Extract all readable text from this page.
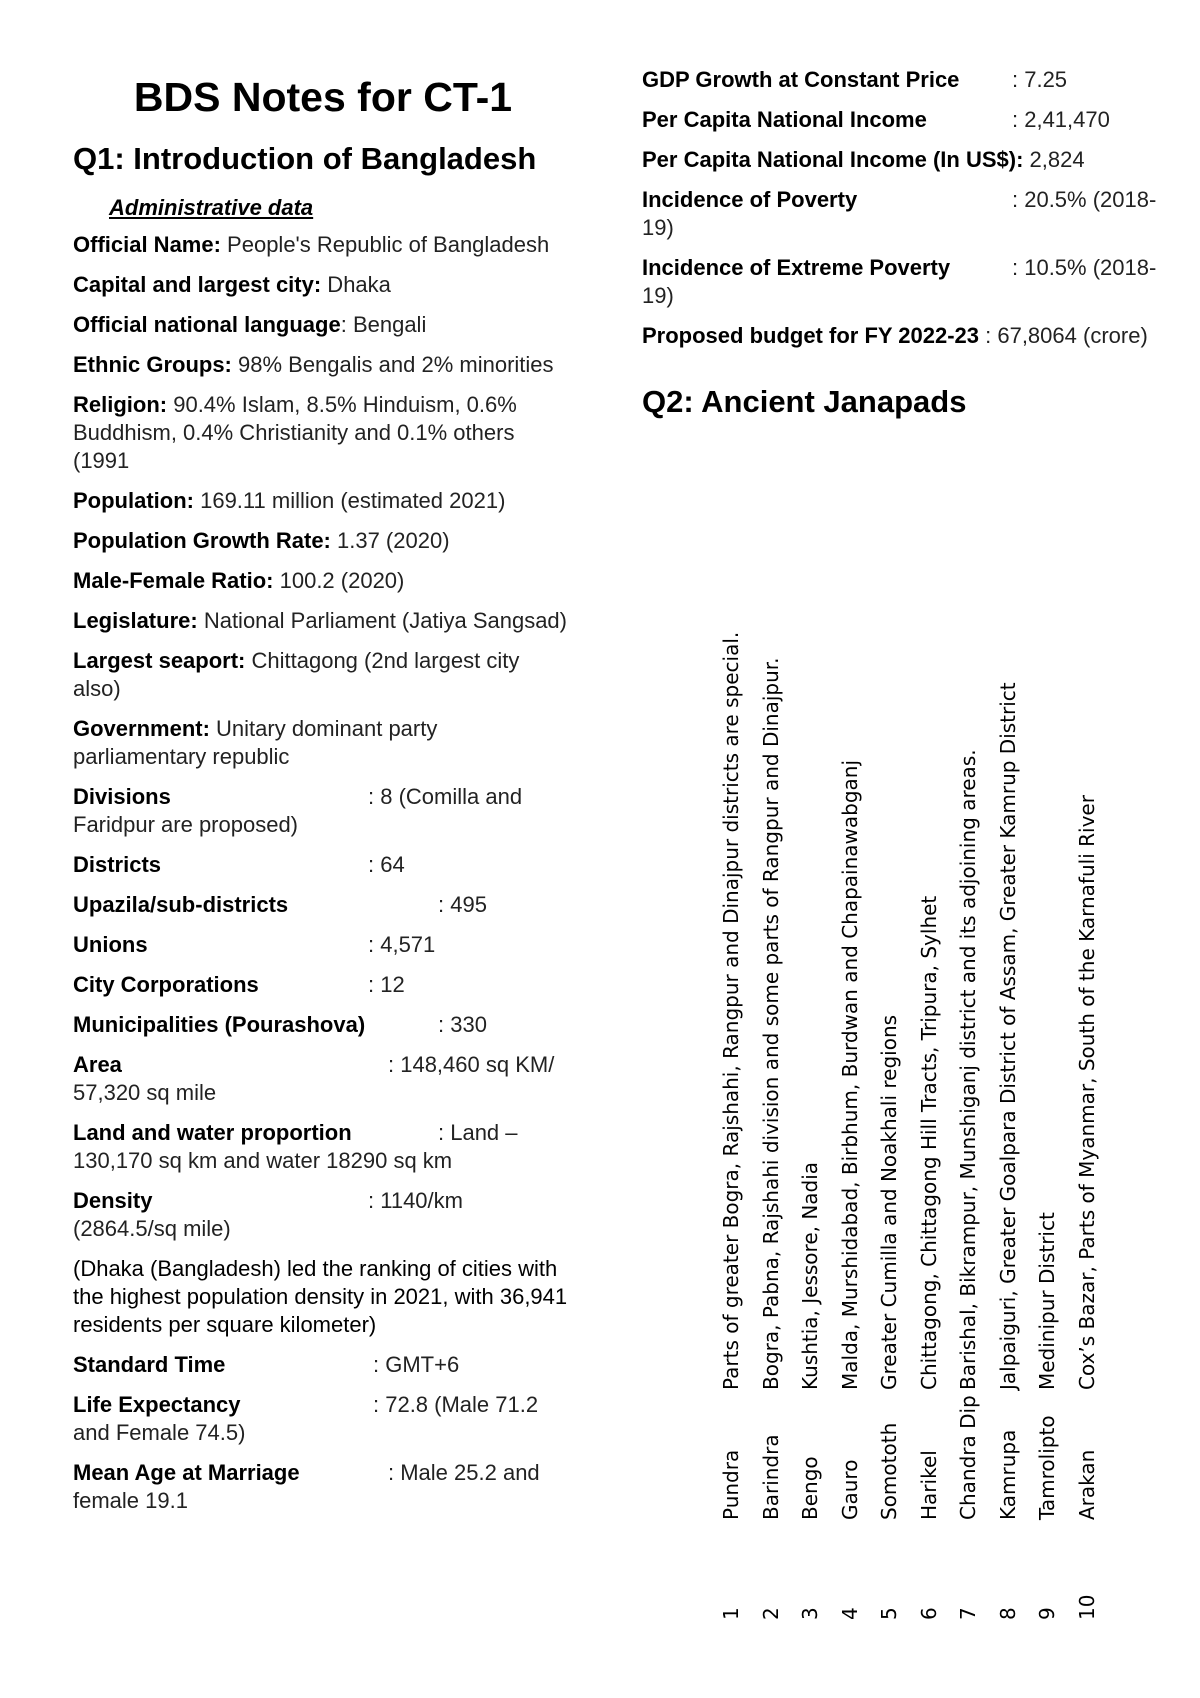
BDS Notes for CT-1
Q1: Introduction of Bangladesh
Administrative data
Official Name: People's Republic of Bangladesh
Capital and largest city: Dhaka
Official national language: Bengali
Ethnic Groups: 98% Bengalis and 2% minorities
Religion: 90.4% Islam, 8.5% Hinduism, 0.6% Buddhism, 0.4% Christianity and 0.1% others (1991
Population: 169.11 million (estimated 2021)
Population Growth Rate: 1.37 (2020)
Male-Female Ratio: 100.2 (2020)
Legislature: National Parliament (Jatiya Sangsad)
Largest seaport: Chittagong (2nd largest city also)
Government: Unitary dominant party parliamentary republic
Divisions	: 8 (Comilla and Faridpur are proposed)
Districts	: 64
Upazila/sub-districts	: 495
Unions	: 4,571
City Corporations	: 12
Municipalities (Pourashova)	: 330
Area	: 148,460 sq KM/ 57,320 sq mile
Land and water proportion	: Land – 130,170 sq km and water 18290 sq km
Density	: 1140/km (2864.5/sq mile)
(Dhaka (Bangladesh) led the ranking of cities with the highest population density in 2021, with 36,941 residents per square kilometer)
Standard Time	: GMT+6
Life Expectancy	: 72.8 (Male 71.2 and Female 74.5)
Mean Age at Marriage	: Male 25.2 and female 19.1
GDP Growth at Constant Price : 7.25
Per Capita National Income	: 2,41,470
Per Capita National Income (In US$): 2,824
Incidence of Poverty	: 20.5% (2018-19)
Incidence of Extreme Poverty	: 10.5% (2018-19)
Proposed budget for FY 2022-23 : 67,8064 (crore)
Q2: Ancient Janapads
1
Pundra
Parts of greater Bogra, Rajshahi, Rangpur and Dinajpur districts are special.
2
Barindra
Bogra, Pabna, Rajshahi division and some parts of Rangpur and Dinajpur.
3
Bengo
Kushtia, Jessore, Nadia
4
Gauro
Malda, Murshidabad, Birbhum, Burdwan and Chapainawabganj
5
Somototh
Greater Cumilla and Noakhali regions
6
Harikel
Chittagong, Chittagong Hill Tracts, Tripura, Sylhet
7
Chandra Dip
Barishal, Bikrampur, Munshiganj district and its adjoining areas.
8
Kamrupa
Jalpaiguri, Greater Goalpara District of Assam, Greater Kamrup District
9
Tamrolipto
Medinipur District
10
Arakan
Cox’s Bazar, Parts of Myanmar, South of the Karnafuli River
